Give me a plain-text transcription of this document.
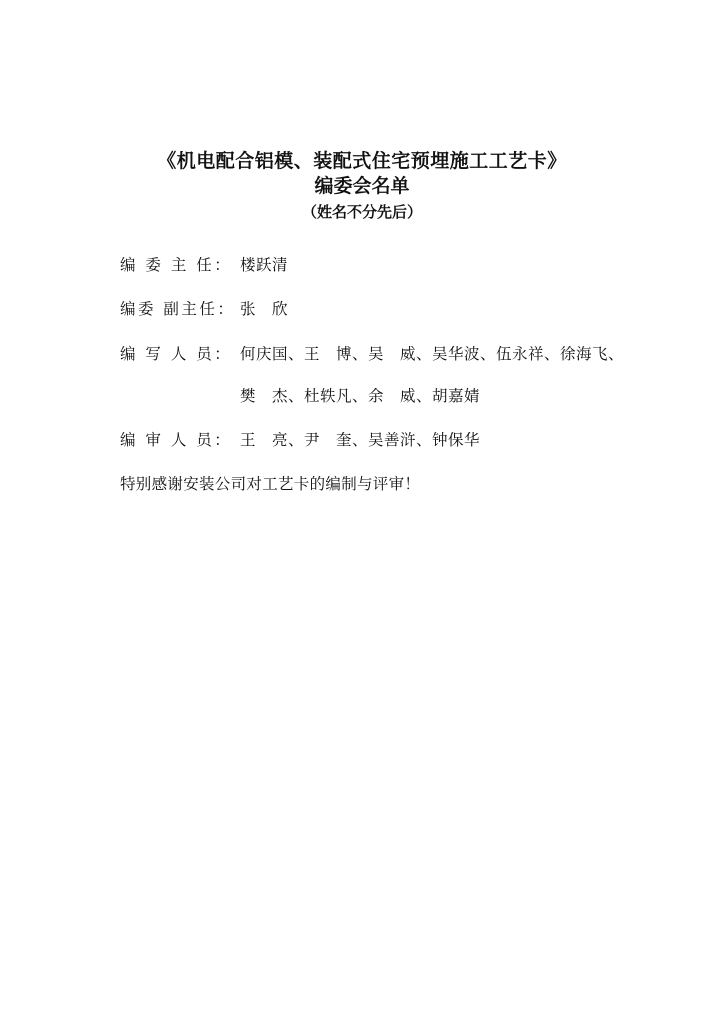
《机电配合铝模、装配式住宅预埋施工工艺卡》
编委会名单
（姓名不分先后）
编 委 主 任： 楼跃清
编委 副主任： 张　欣
编 写 人 员： 何庆国、王　博、吴　威、吴华波、伍永祥、徐海飞、
樊　杰、杜轶凡、余　威、胡嘉婧
编 审 人 员： 王　亮、尹　奎、吴善浒、钟保华
特别感谢安装公司对工艺卡的编制与评审！
